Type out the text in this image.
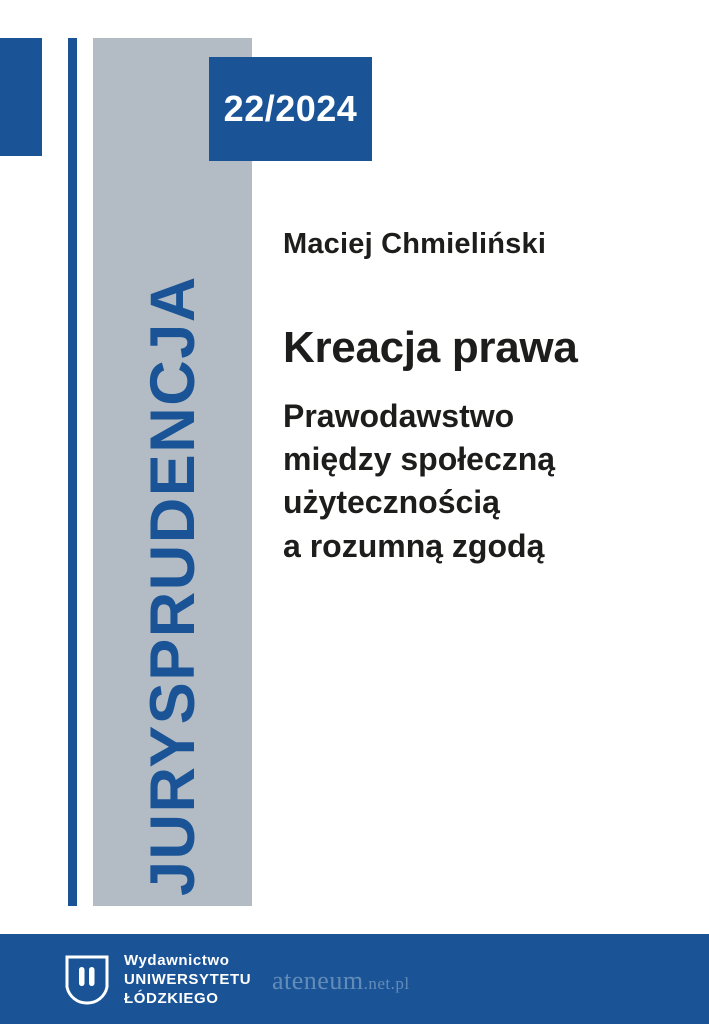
JURYSPRUDENCJA
22/2024
Maciej Chmieliński
Kreacja prawa
Prawodawstwo
między społeczną
użytecznością
a rozumną zgodą
Wydawnictwo
UNIWERSYTETU
ŁÓDZKIEGO
ateneum.net.pl
